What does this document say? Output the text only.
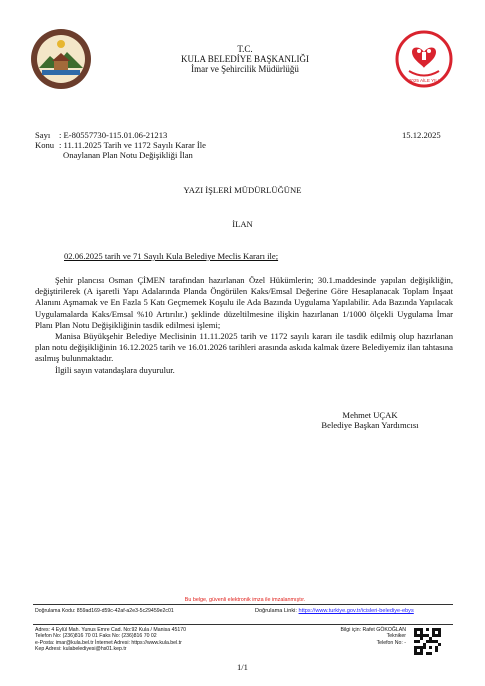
T.C.
KULA BELEDİYE BAŞKANLIĞI
İmar ve Şehircilik Müdürlüğü
2025 AİLE YILI
Sayı : E-80557730-115.01.06-21213	15.12.2025
Konu : 11.11.2025 Tarih ve 1172 Sayılı Karar İle
Onaylanan Plan Notu Değişikliği İlan
YAZI İŞLERİ MÜDÜRLÜĞÜNE
İLAN
02.06.2025 tarih ve 71 Sayılı Kula Belediye Meclis Kararı ile;

Şehir plancısı Osman ÇİMEN tarafından hazırlanan Özel Hükümlerin; 30.1.maddesinde yapılan değişikliğin, değiştirilerek (A işaretli Yapı Adalarında Planda Öngörülen Kaks/Emsal Değerine Göre Hesaplanacak Toplam İnşaat Alanını Aşmamak ve En Fazla 5 Katı Geçmemek Koşulu ile Ada Bazında Uygulama Yapılabilir. Ada Bazında Yapılacak Uygulamalarda Kaks/Emsal %10 Artırılır.) şeklinde düzeltilmesine ilişkin hazırlanan 1/1000 ölçekli Uygulama İmar Planı Plan Notu Değişikliğinin tasdik edilmesi işlemi;

Manisa Büyükşehir Belediye Meclisinin 11.11.2025 tarih ve 1172 sayılı kararı ile tasdik edilmiş olup hazırlanan plan notu değişikliğinin 16.12.2025 tarih ve 16.01.2026 tarihleri arasında askıda kalmak üzere Belediyemiz ilan tahtasına asılmış bulunmaktadır.

İlgili sayın vatandaşlara duyurulur.

Mehmet UÇAK
Belediye Başkan Yardımcısı
Bu belge, güvenli elektronik imza ile imzalanmıştır.
Doğrulama Kodu: 859ad169-d59c-42af-a2e3-5c29459e2c01	Doğrulama Linki: https://www.turkiye.gov.tr/icisleri-belediye-ebys
Adres: 4 Eylül Mah. Yunus Emre Cad. No:92 Kula / Manisa 45170
Telefon No: (236)816 70 01 Faks No: (236)816 70 02
e-Posta: imar@kula.bel.tr İnternet Adresi: https://www.kula.bel.tr
Kep Adresi: kulabelediyesi@hs01.kep.tr
Bilgi için: Rafet GÖKOĞLAN
Tekniker
Telefon No: -
1/1
